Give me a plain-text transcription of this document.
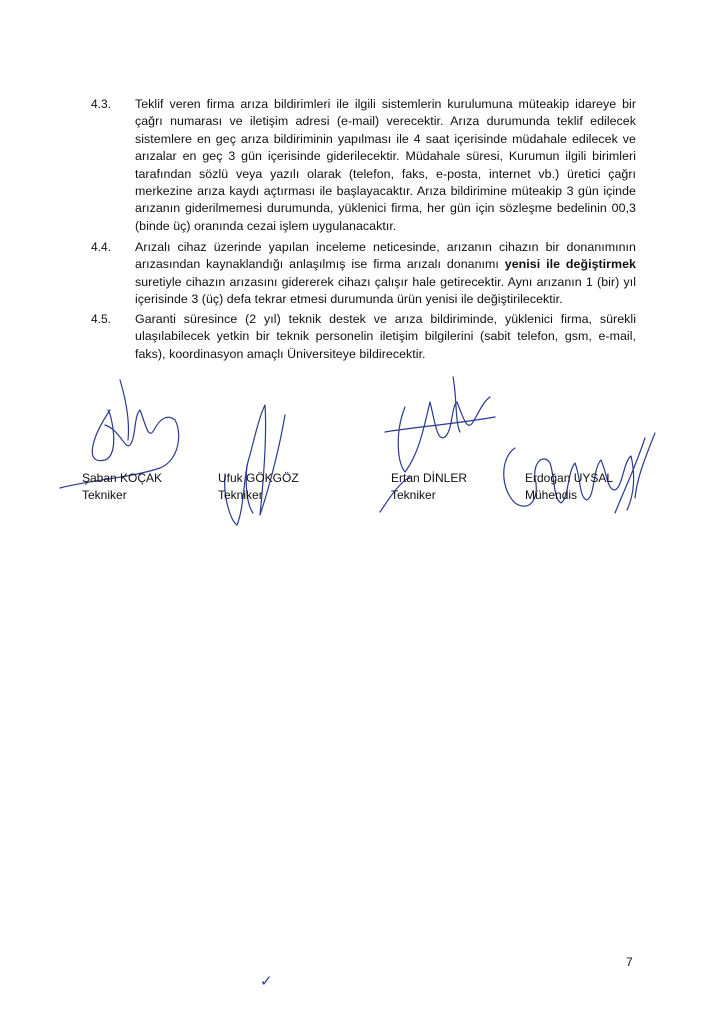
4.3. Teklif veren firma arıza bildirimleri ile ilgili sistemlerin kurulumuna müteakip idareye bir çağrı numarası ve iletişim adresi (e-mail) verecektir. Arıza durumunda teklif edilecek sistemlere en geç arıza bildiriminin yapılması ile 4 saat içerisinde müdahale edilecek ve arızalar en geç 3 gün içerisinde giderilecektir. Müdahale süresi, Kurumun ilgili birimleri tarafından sözlü veya yazılı olarak (telefon, faks, e-posta, internet vb.) üretici çağrı merkezine arıza kaydı açtırması ile başlayacaktır. Arıza bildirimine müteakip 3 gün içinde arızanın giderilmemesi durumunda, yüklenici firma, her gün için sözleşme bedelinin 00,3 (binde üç) oranında cezai işlem uygulanacaktır.
4.4. Arızalı cihaz üzerinde yapılan inceleme neticesinde, arızanın cihazın bir donanımının arızasından kaynaklandığı anlaşılmış ise firma arızalı donanımı yenisi ile değiştirmek suretiyle cihazın arızasını gidererek cihazı çalışır hale getirecektir. Aynı arızanın 1 (bir) yıl içerisinde 3 (üç) defa tekrar etmesi durumunda ürün yenisi ile değiştirilecektir.
4.5. Garanti süresince (2 yıl) teknik destek ve arıza bildiriminde, yüklenici firma, sürekli ulaşılabilecek yetkin bir teknik personelin iletişim bilgilerini (sabit telefon, gsm, e-mail, faks), koordinasyon amaçlı Üniversiteye bildirecektir.
Şaban KOÇAK
Tekniker
Ufuk GÖKGÖZ
Tekniker
Ertan DİNLER
Tekniker
Erdoğan UYSAL
Mühendis
7
✓
